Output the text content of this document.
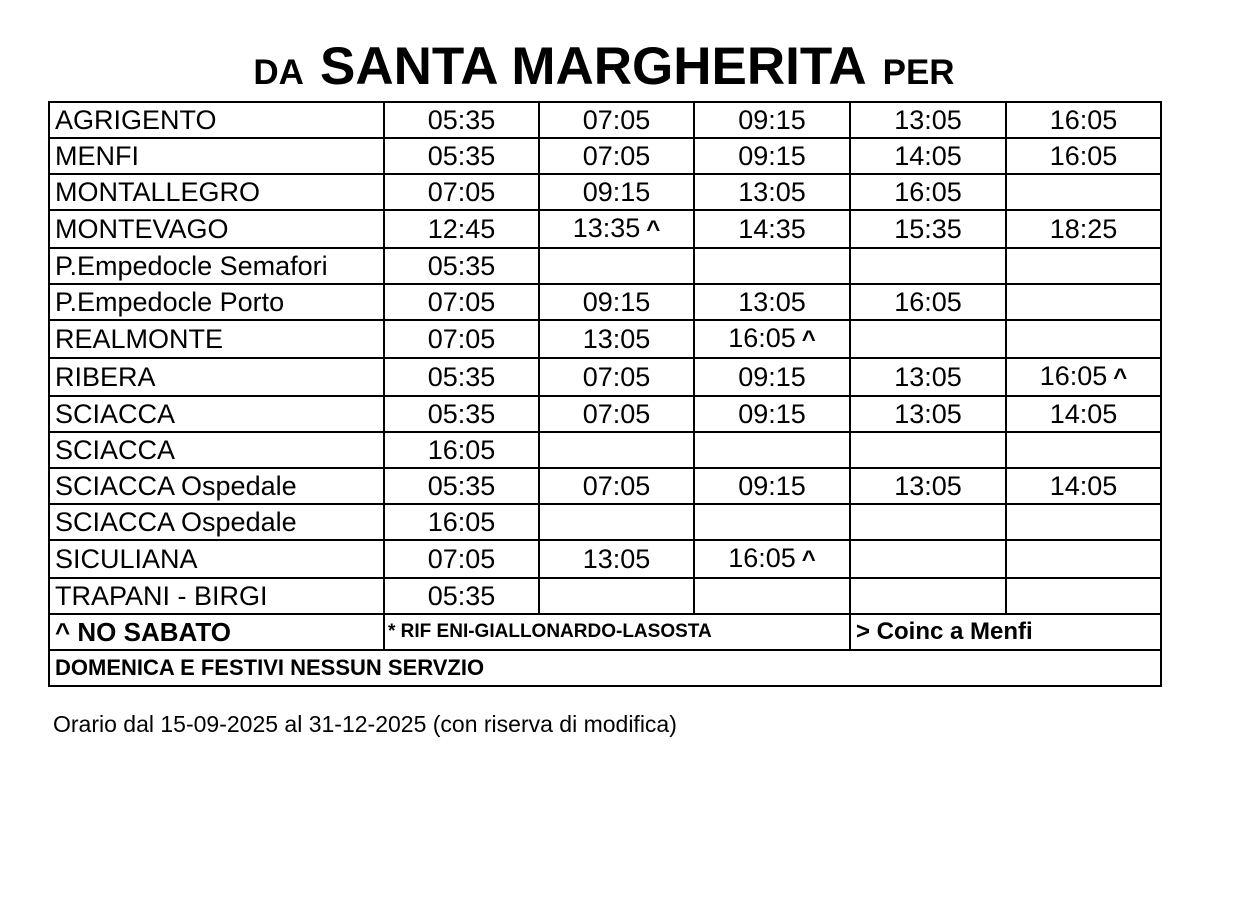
DA SANTA MARGHERITA PER
AGRIGENTO	05:35	07:05	09:15	13:05	16:05
MENFI	05:35	07:05	09:15	14:05	16:05
MONTALLEGRO	07:05	09:15	13:05	16:05	
MONTEVAGO	12:45	13:35 ^	14:35	15:35	18:25
P.Empedocle Semafori	05:35				
P.Empedocle Porto	07:05	09:15	13:05	16:05	
REALMONTE	07:05	13:05	16:05 ^		
RIBERA	05:35	07:05	09:15	13:05	16:05 ^
SCIACCA	05:35	07:05	09:15	13:05	14:05
SCIACCA	16:05				
SCIACCA Ospedale	05:35	07:05	09:15	13:05	14:05
SCIACCA Ospedale	16:05				
SICULIANA	07:05	13:05	16:05 ^		
TRAPANI - BIRGI	05:35				
^ NO SABATO	* RIF ENI-GIALLONARDO-LASOSTA			> Coinc a Menfi	
DOMENICA E FESTIVI NESSUN SERVZIO					
Orario dal 15-09-2025 al 31-12-2025 (con riserva di modifica)
